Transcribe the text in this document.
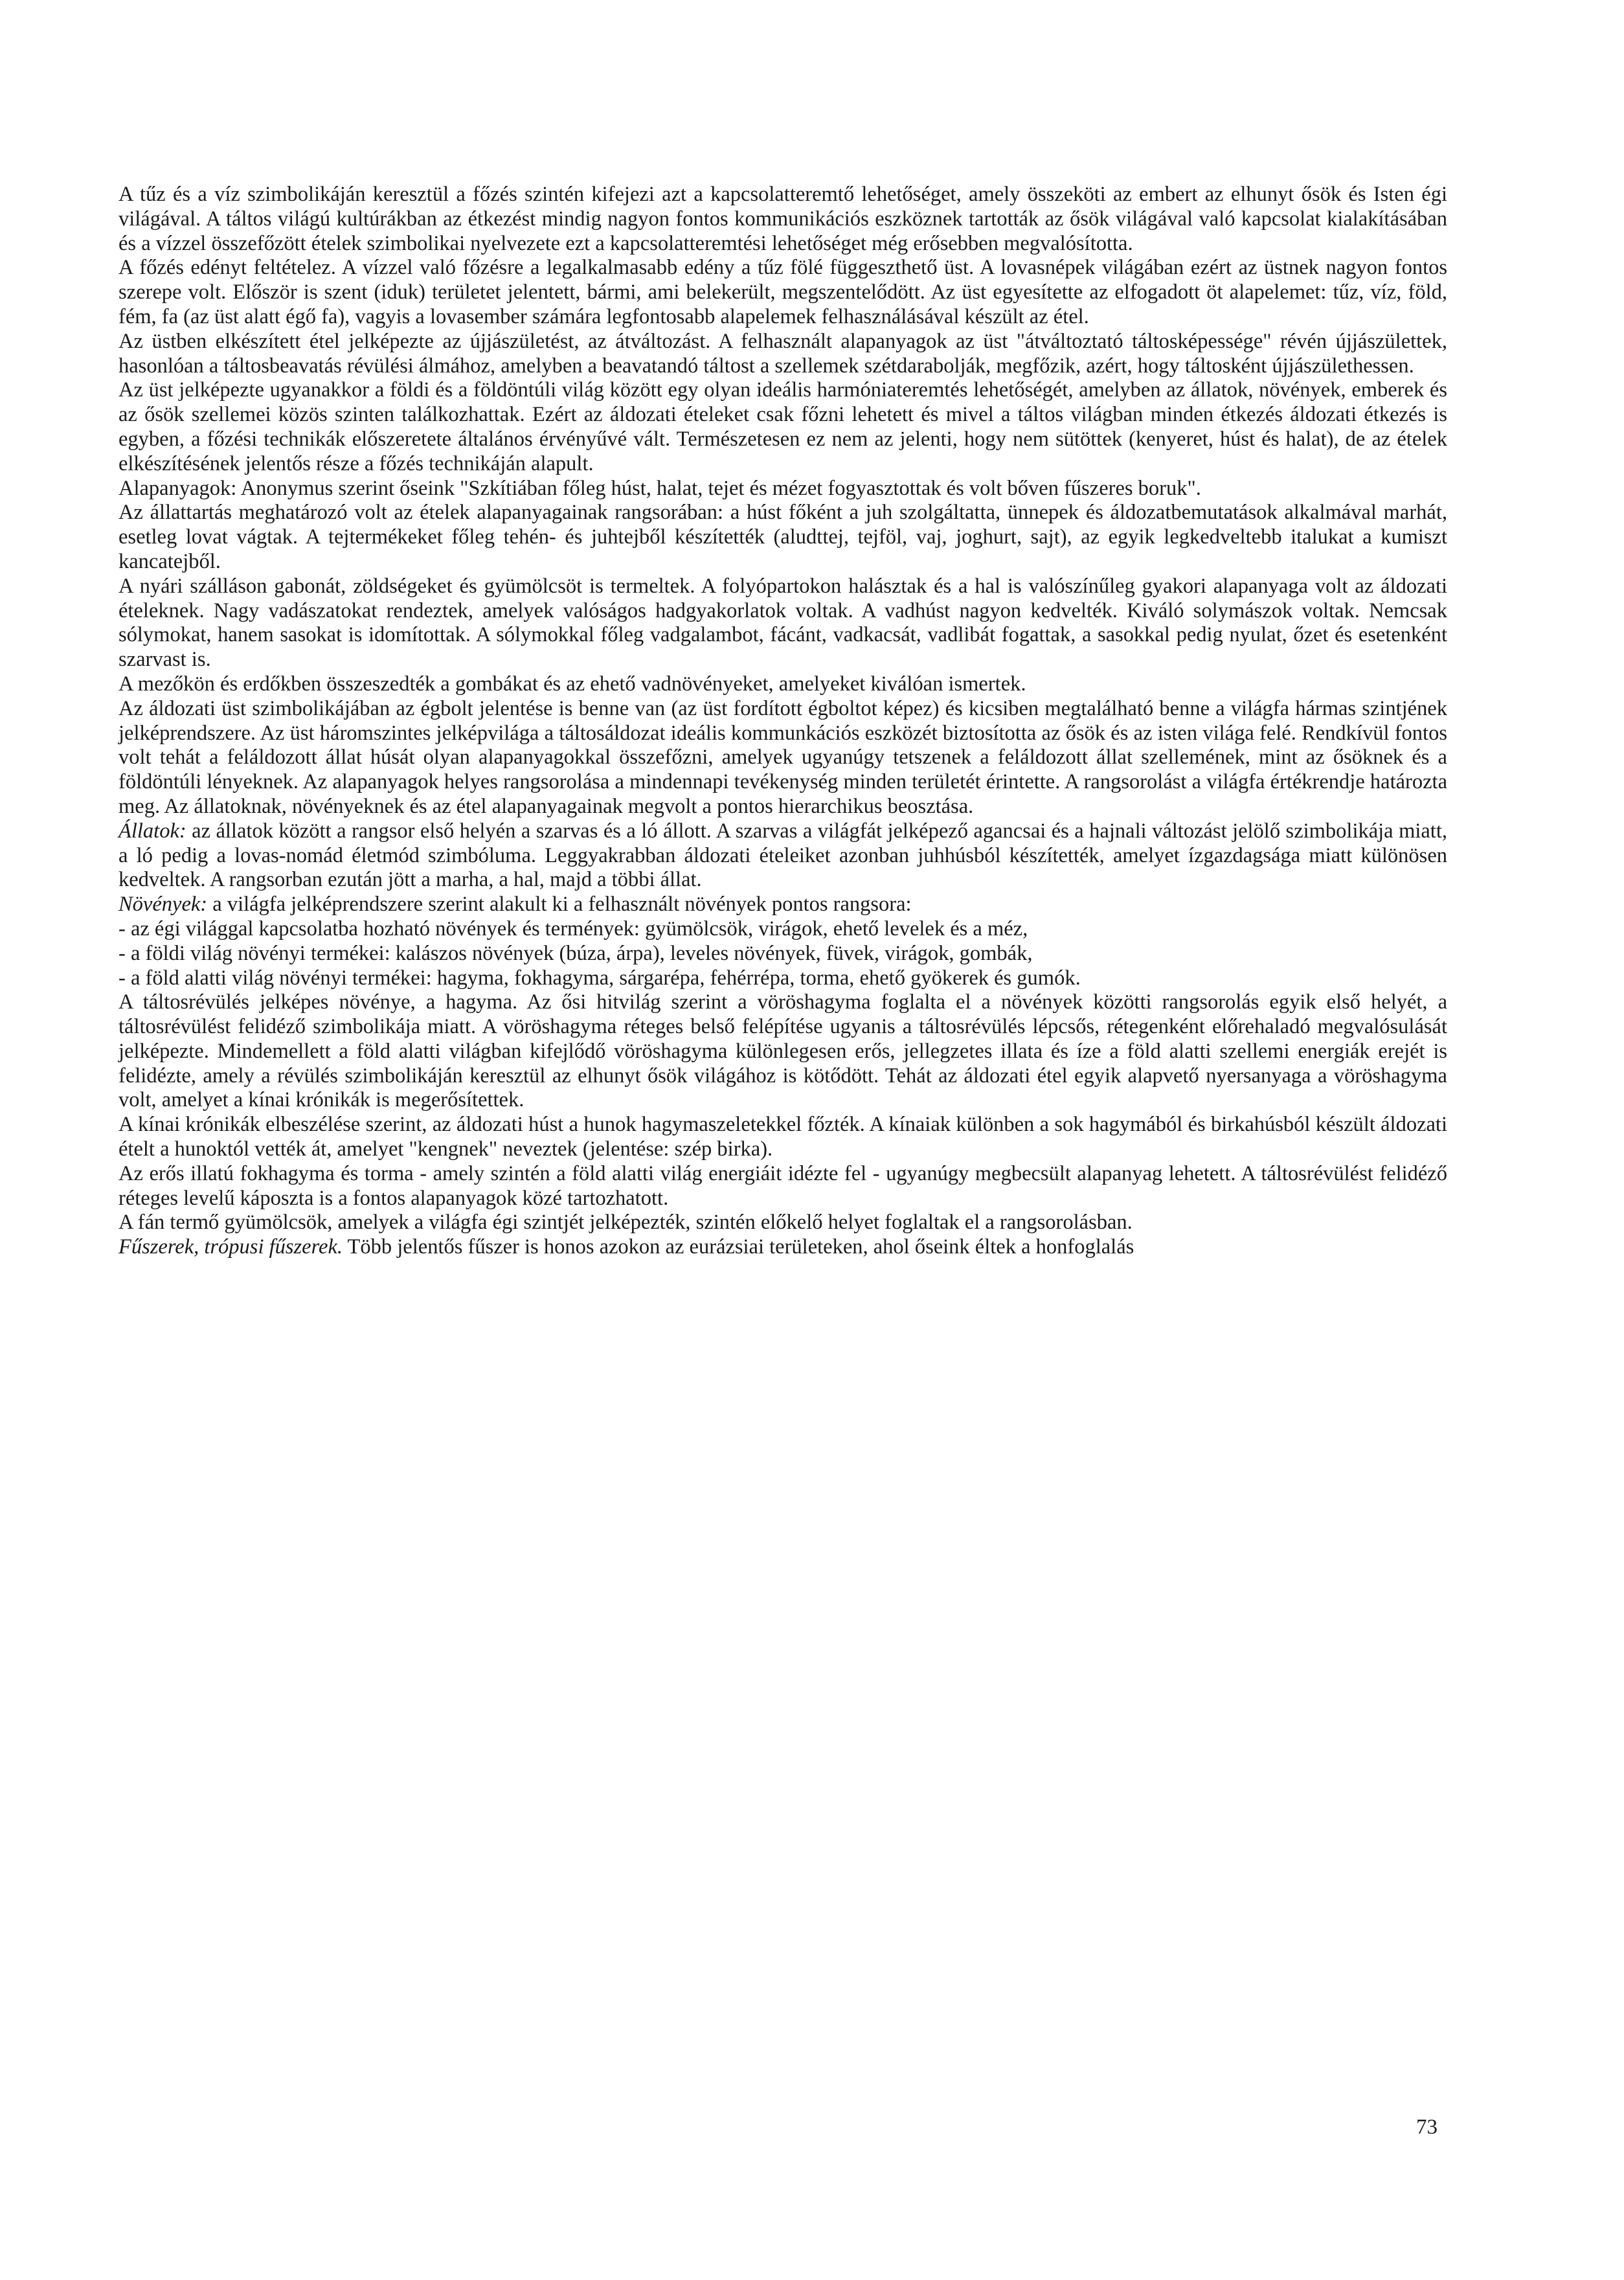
A tűz és a víz szimbolikáján keresztül a főzés szintén kifejezi azt a kapcsolatteremtő lehetőséget, amely összeköti az embert az elhunyt ősök és Isten égi világával. A táltos világú kultúrákban az étkezést mindig nagyon fontos kommunikációs eszköznek tartották az ősök világával való kapcsolat kialakításában és a vízzel összefőzött ételek szimbolikai nyelvezete ezt a kapcsolatteremtési lehetőséget még erősebben megvalósította.

A főzés edényt feltételez. A vízzel való főzésre a legalkalmasabb edény a tűz fölé függeszthető üst. A lovasnépek világában ezért az üstnek nagyon fontos szerepe volt. Először is szent (iduk) területet jelentett, bármi, ami belekerült, megszentelődött. Az üst egyesítette az elfogadott öt alapelemet: tűz, víz, föld, fém, fa (az üst alatt égő fa), vagyis a lovasember számára legfontosabb alapelemek felhasználásával készült az étel.

Az üstben elkészített étel jelképezte az újjászületést, az átváltozást. A felhasznált alapanyagok az üst "átváltoztató táltosképessége" révén újjászülettek, hasonlóan a táltosbeavatás révülési álmához, amelyben a beavatandó táltost a szellemek szétdarabolják, megfőzik, azért, hogy táltosként újjászülethessen.

Az üst jelképezte ugyanakkor a földi és a földöntúli világ között egy olyan ideális harmóniateremtés lehetőségét, amelyben az állatok, növények, emberek és az ősök szellemei közös szinten találkozhattak. Ezért az áldozati ételeket csak főzni lehetett és mivel a táltos világban minden étkezés áldozati étkezés is egyben, a főzési technikák előszeretete általános érvényűvé vált. Természetesen ez nem az jelenti, hogy nem sütöttek (kenyeret, húst és halat), de az ételek elkészítésének jelentős része a főzés technikáján alapult.

Alapanyagok: Anonymus szerint őseink "Szkítiában főleg húst, halat, tejet és mézet fogyasztottak és volt bőven fűszeres boruk".

Az állattartás meghatározó volt az ételek alapanyagainak rangsorában: a húst főként a juh szolgáltatta, ünnepek és áldozatbemutatások alkalmával marhát, esetleg lovat vágtak. A tejtermékeket főleg tehén- és juhtejből készítették (aludttej, tejföl, vaj, joghurt, sajt), az egyik legkedveltebb italukat a kumiszt kancatejből.

A nyári szálláson gabonát, zöldségeket és gyümölcsöt is termeltek. A folyópartokon halásztak és a hal is valószínűleg gyakori alapanyaga volt az áldozati ételeknek. Nagy vadászatokat rendeztek, amelyek valóságos hadgyakorlatok voltak. A vadhúst nagyon kedvelték. Kiváló solymászok voltak. Nemcsak sólymokat, hanem sasokat is idomítottak. A sólymokkal főleg vadgalambot, fácánt, vadkacsát, vadlibát fogattak, a sasokkal pedig nyulat, őzet és esetenként szarvast is.

A mezőkön és erdőkben összeszedték a gombákat és az ehető vadnövényeket, amelyeket kiválóan ismertek.

Az áldozati üst szimbolikájában az égbolt jelentése is benne van (az üst fordított égboltot képez) és kicsiben megtalálható benne a világfa hármas szintjének jelképrendszere. Az üst háromszintes jelképvilága a táltosáldozat ideális kommunkációs eszközét biztosította az ősök és az isten világa felé. Rendkívül fontos volt tehát a feláldozott állat húsát olyan alapanyagokkal összefőzni, amelyek ugyanúgy tetszenek a feláldozott állat szellemének, mint az ősöknek és a földöntúli lényeknek. Az alapanyagok helyes rangsorolása a mindennapi tevékenység minden területét érintette. A rangsorolást a világfa értékrendje határozta meg. Az állatoknak, növényeknek és az étel alapanyagainak megvolt a pontos hierarchikus beosztása.

Állatok: az állatok között a rangsor első helyén a szarvas és a ló állott. A szarvas a világfát jelképező agancsai és a hajnali változást jelölő szimbolikája miatt, a ló pedig a lovas-nomád életmód szimbóluma. Leggyakrabban áldozati ételeiket azonban juhhúsból készítették, amelyet ízgazdagsága miatt különösen kedveltek. A rangsorban ezután jött a marha, a hal, majd a többi állat.

Növények: a világfa jelképrendszere szerint alakult ki a felhasznált növények pontos rangsora:

- az égi világgal kapcsolatba hozható növények és termények: gyümölcsök, virágok, ehető levelek és a méz,

- a földi világ növényi termékei: kalászos növények (búza, árpa), leveles növények, füvek, virágok, gombák,

- a föld alatti világ növényi termékei: hagyma, fokhagyma, sárgarépa, fehérrépa, torma, ehető gyökerek és gumók.

A táltosrévülés jelképes növénye, a hagyma. Az ősi hitvilág szerint a vöröshagyma foglalta el a növények közötti rangsorolás egyik első helyét, a táltosrévülést felidéző szimbolikája miatt. A vöröshagyma réteges belső felépítése ugyanis a táltosrévülés lépcsős, rétegenként előrehaladó megvalósulását jelképezte. Mindemellett a föld alatti világban kifejlődő vöröshagyma különlegesen erős, jellegzetes illata és íze a föld alatti szellemi energiák erejét is felidézte, amely a révülés szimbolikáján keresztül az elhunyt ősök világához is kötődött. Tehát az áldozati étel egyik alapvető nyersanyaga a vöröshagyma volt, amelyet a kínai krónikák is megerősítettek.

A kínai krónikák elbeszélése szerint, az áldozati húst a hunok hagymaszeletekkel főzték. A kínaiak különben a sok hagymából és birkahúsból készült áldozati ételt a hunoktól vették át, amelyet "kengnek" neveztek (jelentése: szép birka).

Az erős illatú fokhagyma és torma - amely szintén a föld alatti világ energiáit idézte fel - ugyanúgy megbecsült alapanyag lehetett. A táltosrévülést felidéző réteges levelű káposzta is a fontos alapanyagok közé tartozhatott.

A fán termő gyümölcsök, amelyek a világfa égi szintjét jelképezték, szintén előkelő helyet foglaltak el a rangsorolásban.

Fűszerek, trópusi fűszerek. Több jelentős fűszer is honos azokon az eurázsiai területeken, ahol őseink éltek a honfoglalás

73
